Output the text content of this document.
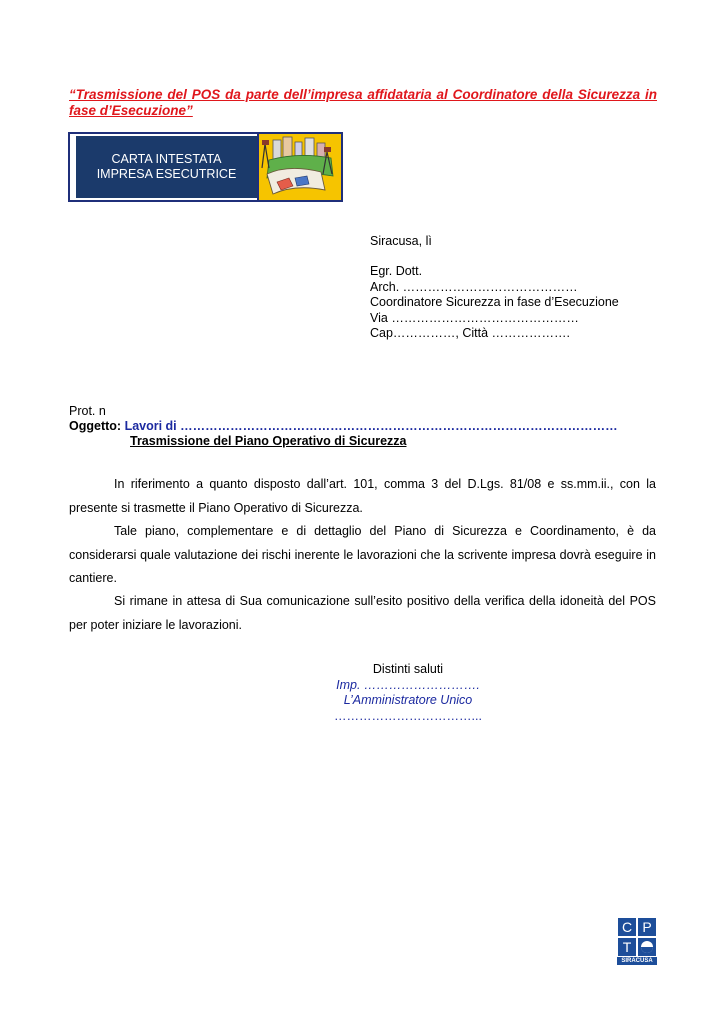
“Trasmissione del POS da parte dell’impresa affidataria al Coordinatore della Sicurezza in
fase d’Esecuzione”
CARTA INTESTATA
IMPRESA ESECUTRICE
Siracusa, lì
Egr. Dott.
Arch. ……………………………………
Coordinatore Sicurezza in fase d’Esecuzione
Via ………………………………………
Cap……………, Città ……………….
Prot. n
Oggetto: Lavori di ……………………………………………………………………………………………
Trasmissione del Piano Operativo di Sicurezza
In riferimento a quanto disposto dall’art. 101, comma 3 del D.Lgs. 81/08 e ss.mm.ii., con la presente si trasmette il Piano Operativo di Sicurezza.
Tale piano, complementare e di dettaglio del Piano di Sicurezza e Coordinamento, è da considerarsi quale valutazione dei rischi inerente le lavorazioni che la scrivente impresa dovrà eseguire in cantiere.
Si rimane in attesa di Sua comunicazione sull’esito positivo della verifica della idoneità del POS per poter iniziare le lavorazioni.
Distinti saluti
Imp. ……………………….
L’Amministratore Unico
……………………………...
C P
T
SIRACUSA
